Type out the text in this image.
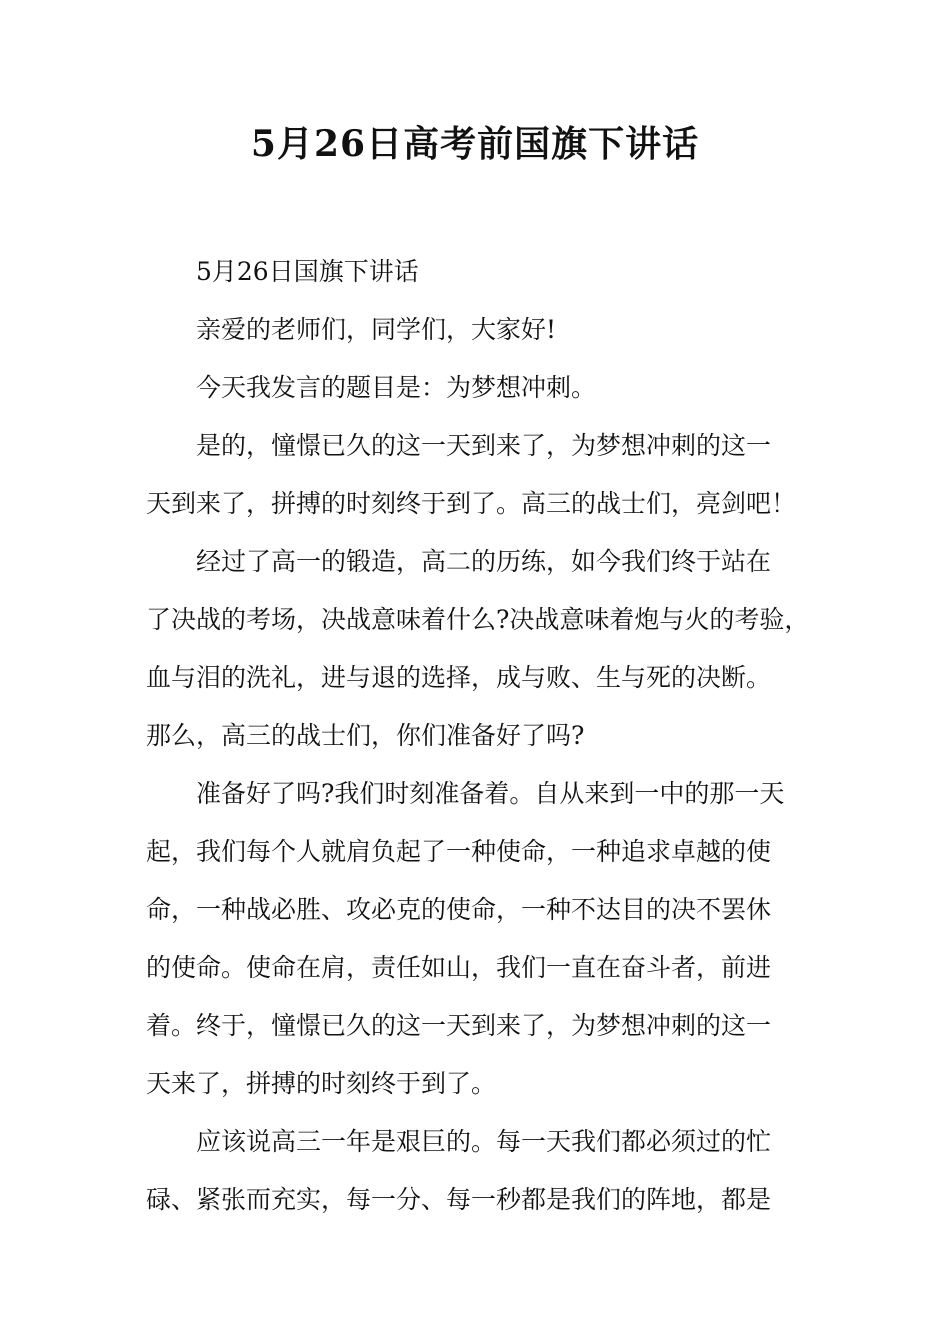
5月26日高考前国旗下讲话
5月26日国旗下讲话
亲爱的老师们，同学们，大家好!
今天我发言的题目是：为梦想冲刺。
是的，憧憬已久的这一天到来了，为梦想冲刺的这一
天到来了，拼搏的时刻终于到了。高三的战士们，亮剑吧！
经过了高一的锻造，高二的历练，如今我们终于站在
了决战的考场，决战意味着什么?决战意味着炮与火的考验，
血与泪的洗礼，进与退的选择，成与败、生与死的决断。
那么，高三的战士们，你们准备好了吗?
准备好了吗?我们时刻准备着。自从来到一中的那一天
起，我们每个人就肩负起了一种使命，一种追求卓越的使
命，一种战必胜、攻必克的使命，一种不达目的决不罢休
的使命。使命在肩，责任如山，我们一直在奋斗者，前进
着。终于，憧憬已久的这一天到来了，为梦想冲刺的这一
天来了，拼搏的时刻终于到了。
应该说高三一年是艰巨的。每一天我们都必须过的忙
碌、紧张而充实，每一分、每一秒都是我们的阵地，都是
